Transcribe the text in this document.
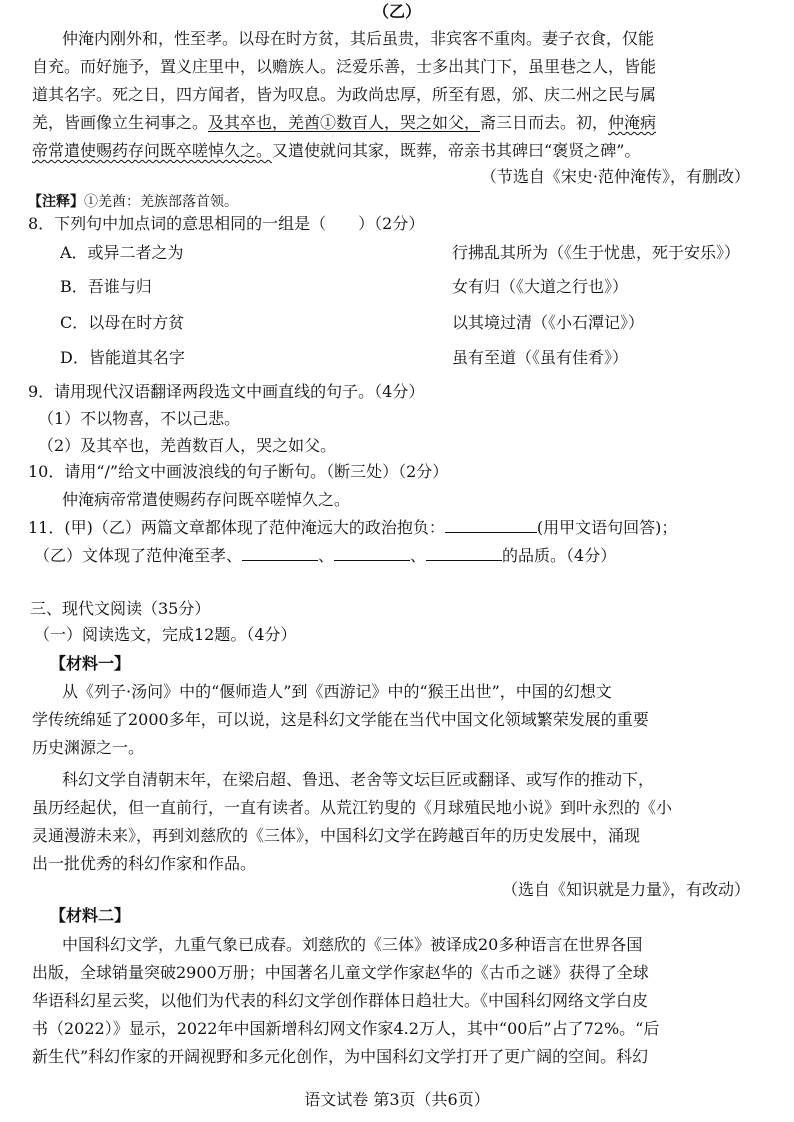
（乙）
仲淹内刚外和，性至孝。以母在时方贫，其后虽贵，非宾客不重肉。妻子衣食，仅能
自充。而好施予，置义庄里中，以赡族人。泛爱乐善，士多出其门下，虽里巷之人，皆能
道其名字。死之日，四方闻者，皆为叹息。为政尚忠厚，所至有恩，邠、庆二州之民与属
羌，皆画像立生祠事之。及其卒也，羌酋①数百人，哭之如父，斋三日而去。初，仲淹病
帝常遣使赐药存问既卒嗟悼久之。又遣使就问其家，既葬，帝亲书其碑曰“褒贤之碑”。
（节选自《宋史·范仲淹传》，有删改）
【注释】①羌酋：羌族部落首领。
8．下列句中加点词的意思相同的一组是（　　）（2分）
A．或异二者之为	行拂乱其所为（《生于忧患，死于安乐》）
B．吾谁与归	女有归（《大道之行也》）
C．以母在时方贫	以其境过清（《小石潭记》）
D．皆能道其名字	虽有至道（《虽有佳肴》）
9．请用现代汉语翻译两段选文中画直线的句子。（4分）
（1）不以物喜，不以己悲。
（2）及其卒也，羌酋数百人，哭之如父。
10．请用“/”给文中画波浪线的句子断句。（断三处）（2分）
仲淹病帝常遣使赐药存问既卒嗟悼久之。
11．(甲)（乙）两篇文章都体现了范仲淹远大的政治抱负：	(用甲文语句回答)；
（乙）文体现了范仲淹至孝、	、	、	的品质。（4分）
三、现代文阅读（35分）
（一）阅读选文，完成12题。（4分）
【材料一】
从《列子·汤问》中的“偃师造人”到《西游记》中的“猴王出世”，中国的幻想文
学传统绵延了2000多年，可以说，这是科幻文学能在当代中国文化领域繁荣发展的重要
历史渊源之一。
科幻文学自清朝末年，在梁启超、鲁迅、老舍等文坛巨匠或翻译、或写作的推动下，
虽历经起伏，但一直前行，一直有读者。从荒江钓叟的《月球殖民地小说》到叶永烈的《小
灵通漫游未来》，再到刘慈欣的《三体》，中国科幻文学在跨越百年的历史发展中，涌现
出一批优秀的科幻作家和作品。
（选自《知识就是力量》，有改动）
【材料二】
中国科幻文学，九重气象已成春。刘慈欣的《三体》被译成20多种语言在世界各国
出版，全球销量突破2900万册；中国著名儿童文学作家赵华的《古币之谜》获得了全球
华语科幻星云奖，以他们为代表的科幻文学创作群体日趋壮大。《中国科幻网络文学白皮
书（2022）》显示，2022年中国新增科幻网文作家4.2万人，其中“00后”占了72%。“后
新生代”科幻作家的开阔视野和多元化创作，为中国科幻文学打开了更广阔的空间。科幻
语文试卷 第3页（共6页）
